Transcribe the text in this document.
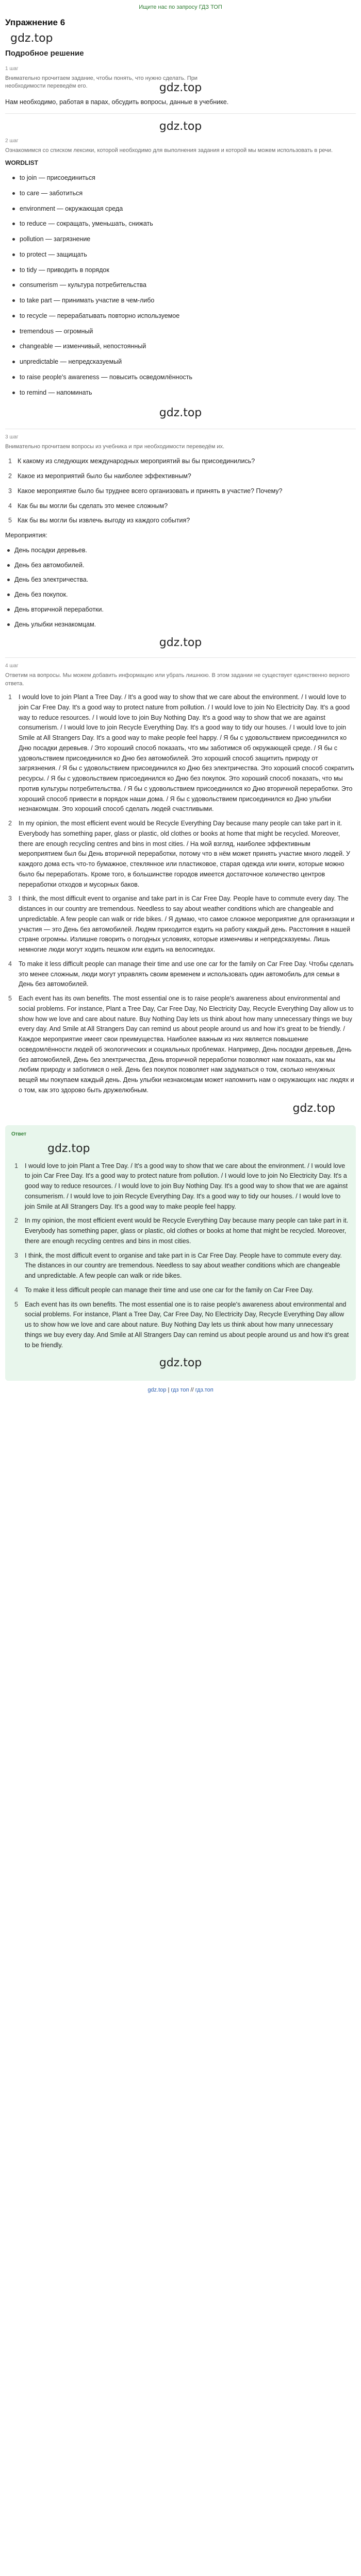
Ищите нас по запросу ГДЗ ТОП
Упражнение 6
gdz.top
Подробное решение
1 шаг
Внимательно прочитаем задание, чтобы понять, что нужно сделать. При необходимости переведём его.	gdz.top
Нам необходимо, работая в парах, обсудить вопросы, данные в учебнике.
gdz.top
2 шаг
Ознакомимся со списком лексики, которой необходимо для выполнения задания и которой мы можем использовать в речи.
WORDLIST
to join — присоединиться
to care — заботиться
environment — окружающая среда
to reduce — сокращать, уменьшать, снижать
pollution — загрязнение
to protect — защищать
to tidy — приводить в порядок
consumerism — культура потребительства
to take part — принимать участие в чем-либо
to recycle — перерабатывать повторно используемое
tremendous — огромный
changeable — изменчивый, непостоянный
unpredictable — непредсказуемый
to raise people's awareness — повысить осведомлённость
to remind — напоминать
gdz.top
3 шаг
Внимательно прочитаем вопросы из учебника и при необходимости переведём их.
1 К какому из следующих международных мероприятий вы бы присоединились?
2 Какое из мероприятий было бы наиболее эффективным?
3 Какое мероприятие было бы труднее всего организовать и принять в участие? Почему?
4 Как бы вы могли бы сделать это менее сложным?
5 Как бы вы могли бы извлечь выгоду из каждого события?
Мероприятия:
День посадки деревьев.
День без автомобилей.
День без электричества.
День без покупок.
День вторичной переработки.
День улыбки незнакомцам.
gdz.top
4 шаг
Ответим на вопросы. Мы можем добавить информацию или убрать лишнюю. В этом задании не существует единственно верного ответа.
1	I would love to join Plant a Tree Day. / It's a good way to show that we care about the environment. / I would love to join Car Free Day. It's a good way to protect nature from pollution. / I would love to join No Electricity Day. It's a good way to reduce resources. / I would love to join Buy Nothing Day. It's a good way to show that we are against consumerism. / I would love to join Recycle Everything Day. It's a good way to tidy our houses. / I would love to join Smile at All Strangers Day. It's a good way to make people feel happy. / Я бы с удовольствием присоединился ко Дню посадки деревьев. / Это хороший способ показать, что мы заботимся об окружающей среде. / Я бы с удовольствием присоединился ко Дню без автомобилей. Это хороший способ защитить природу от загрязнения. / Я бы с удовольствием присоединился ко Дню без электричества. Это хороший способ сократить ресурсы. / Я бы с удовольствием присоединился ко Дню без покупок. Это хороший способ показать, что мы против культуры потребительства. / Я бы с удовольствием присоединился ко Дню вторичной переработки. Это хороший способ привести в порядок наши дома. / Я бы с удовольствием присоединился ко Дню улыбки незнакомцам. Это хороший способ сделать людей счастливыми.
2	In my opinion, the most efficient event would be Recycle Everything Day because many people can take part in it. Everybody has something paper, glass or plastic, old clothes or books at home that might be recycled. Moreover, there are enough recycling centres and bins in most cities. / На мой взгляд, наиболее эффективным мероприятием был бы День вторичной переработки, потому что в нём может принять участие много людей. У каждого дома есть что-то бумажное, стеклянное или пластиковое, старая одежда или книги, которые можно было бы переработать. Кроме того, в большинстве городов имеется достаточное количество центров переработки отходов и мусорных баков.
3	I think, the most difficult event to organise and take part in is Car Free Day. People have to commute every day. The distances in our country are tremendous. Needless to say about weather conditions which are changeable and unpredictable. A few people can walk or ride bikes. / Я думаю, что самое сложное мероприятие для организации и участия — это День без автомобилей. Людям приходится ездить на работу каждый день. Расстояния в нашей стране огромны. Излишне говорить о погодных условиях, которые изменчивы и непредсказуемы. Лишь немногие люди могут ходить пешком или ездить на велосипедах.
4	To make it less difficult people can manage their time and use one car for the family on Car Free Day. Чтобы сделать это менее сложным, люди могут управлять своим временем и использовать один автомобиль для семьи в День без автомобилей.
5	Each event has its own benefits. The most essential one is to raise people's awareness about environmental and social problems. For instance, Plant a Tree Day, Car Free Day, No Electricity Day, Recycle Everything Day allow us to show how we love and care about nature. Buy Nothing Day lets us think about how many unnecessary things we buy every day. And Smile at All Strangers Day can remind us about people around us and how it's great to be friendly. / Каждое мероприятие имеет свои преимущества. Наиболее важным из них является повышение осведомлённости людей об экологических и социальных проблемах. Например, День посадки деревьев, День без автомобилей, День без электричества, День вторичной переработки позволяют нам показать, как мы любим природу и заботимся о ней. День без покупок позволяет нам задуматься о том, сколько ненужных вещей мы покупаем каждый день. День улыбки незнакомцам может напомнить нам о окружающих нас людях и о том, как это здорово быть дружелюбным.
gdz.top
Ответ
gdz.top
1	I would love to join Plant a Tree Day. / It's a good way to show that we care about the environment. / I would love to join Car Free Day. It's a good way to protect nature from pollution. / I would love to join No Electricity Day. It's a good way to reduce resources. / I would love to join Buy Nothing Day. It's a good way to show that we are against consumerism. / I would love to join Recycle Everything Day. It's a good way to tidy our houses. / I would love to join Smile at All Strangers Day. It's a good way to make people feel happy.
2	In my opinion, the most efficient event would be Recycle Everything Day because many people can take part in it. Everybody has something paper, glass or plastic, old clothes or books at home that might be recycled. Moreover, there are enough recycling centres and bins in most cities.
3	I think, the most difficult event to organise and take part in is Car Free Day. People have to commute every day. The distances in our country are tremendous. Needless to say about weather conditions which are changeable and unpredictable. A few people can walk or ride bikes.
4	To make it less difficult people can manage their time and use one car for the family on Car Free Day.
5	Each event has its own benefits. The most essential one is to raise people's awareness about environmental and social problems. For instance, Plant a Tree Day, Car Free Day, No Electricity Day, Recycle Everything Day allow us to show how we love and care about nature. Buy Nothing Day lets us think about how many unnecessary things we buy every day. And Smile at All Strangers Day can remind us about people around us and how it's great to be friendly.
gdz.top
gdz.top | гдз топ // гдз.топ
